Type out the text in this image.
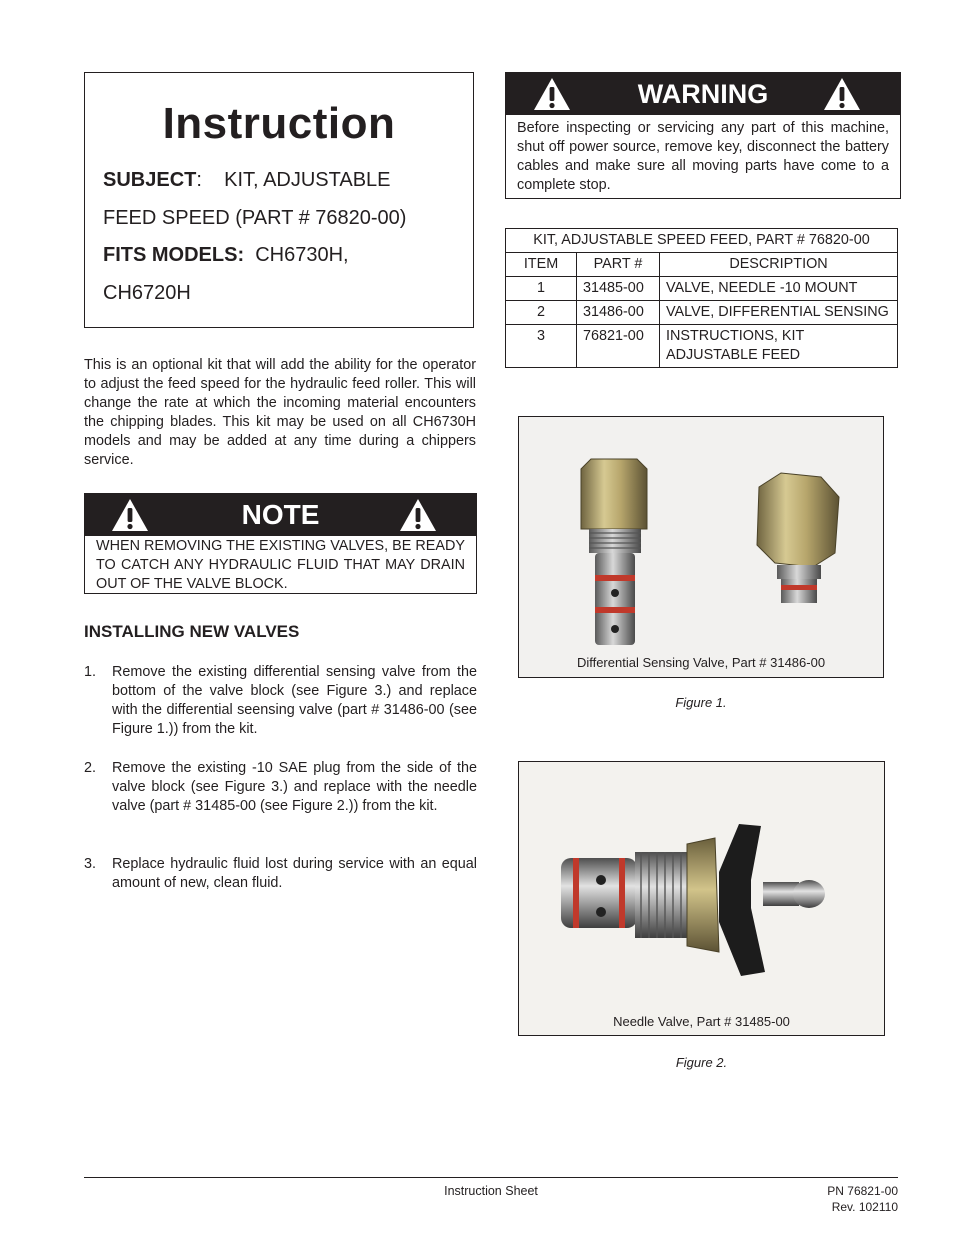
Instruction
SUBJECT: KIT, ADJUSTABLE
FEED SPEED (PART # 76820-00)
FITS MODELS: CH6730H,
CH6720H
This is an optional kit that will add the ability for the operator to adjust the feed speed for the hydraulic feed roller. This will change the rate at which the incoming material encounters the chipping blades. This kit may be used on all CH6730H models and may be added at any time during a chippers service.
NOTE
WHEN REMOVING THE EXISTING VALVES, BE READY TO CATCH ANY HYDRAULIC FLUID THAT MAY DRAIN OUT OF THE VALVE BLOCK.
INSTALLING NEW VALVES
1. Remove the existing differential sensing valve from the bottom of the valve block (see Figure 3.) and replace with the differential seensing valve (part # 31486-00 (see Figure 1.)) from the kit.
2. Remove the existing -10 SAE plug from the side of the valve block (see Figure 3.) and replace with the needle valve (part # 31485-00 (see Figure 2.)) from the kit.
3. Replace hydraulic fluid lost during service with an equal amount of new, clean fluid.
WARNING
Before inspecting or servicing any part of this machine, shut off power source, remove key, disconnect the battery cables and make sure all moving parts have come to a complete stop.
KIT, ADJUSTABLE SPEED FEED, PART # 76820-00		
ITEM	PART #	DESCRIPTION
1	31485-00	VALVE, NEEDLE -10 MOUNT
2	31486-00	VALVE, DIFFERENTIAL SENSING
3	76821-00	INSTRUCTIONS, KIT ADJUSTABLE FEED
Differential Sensing Valve, Part # 31486-00
Figure 1.
Needle Valve, Part # 31485-00
Figure 2.
Instruction Sheet	PN 76821-00
Rev. 102110
